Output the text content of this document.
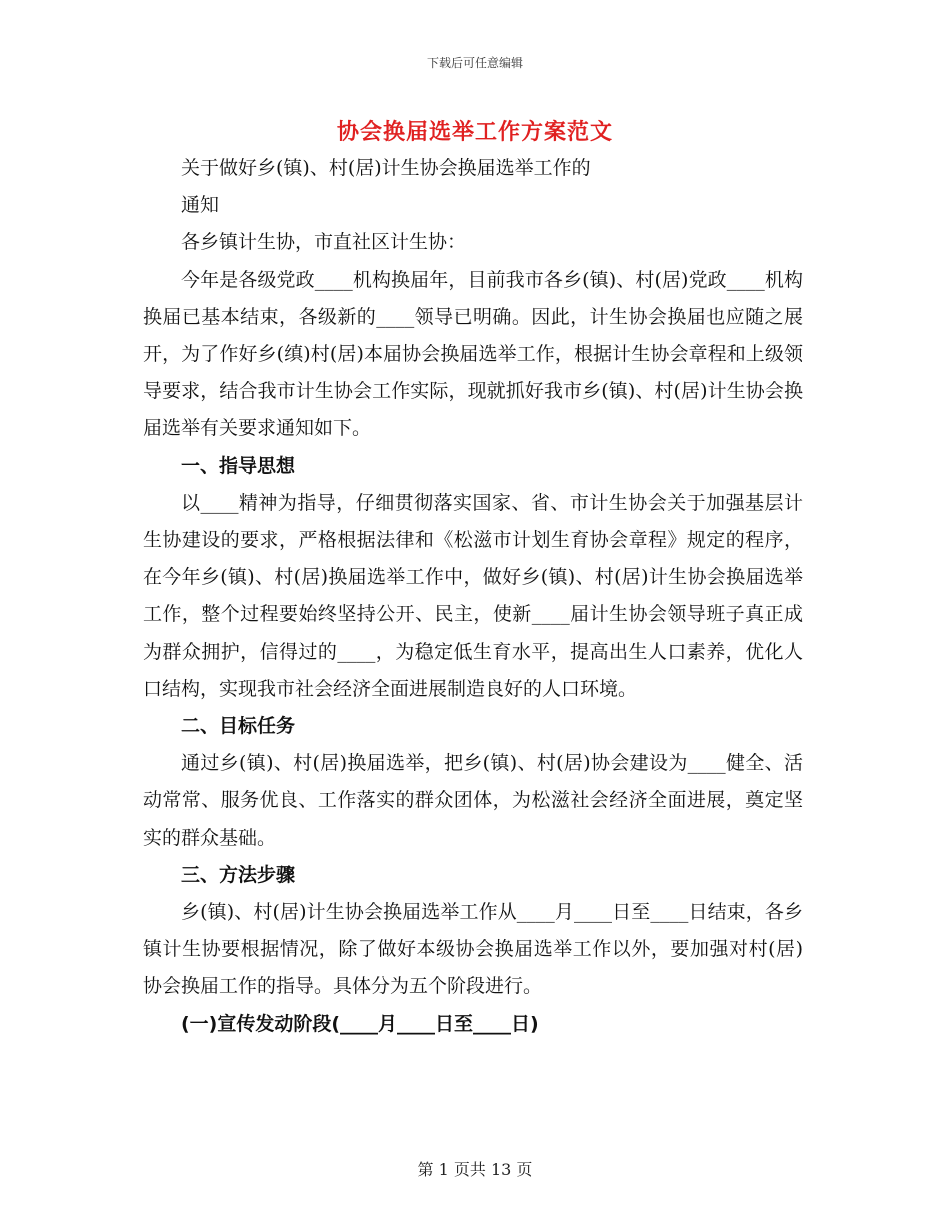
下载后可任意编辑
协会换届选举工作方案范文

关于做好乡(镇)、村(居)计生协会换届选举工作的

通知

各乡镇计生协，市直社区计生协：

今年是各级党政____机构换届年，目前我市各乡(镇)、村(居)党政____机构换届已基本结束，各级新的____领导已明确。因此，计生协会换届也应随之展开，为了作好乡(缜)村(居)本届协会换届选举工作，根据计生协会章程和上级领导要求，结合我市计生协会工作实际，现就抓好我市乡(镇)、村(居)计生协会换届选举有关要求通知如下。

一、指导思想

以____精神为指导，仔细贯彻落实国家、省、市计生协会关于加强基层计生协建设的要求，严格根据法律和《松滋市计划生育协会章程》规定的程序，在今年乡(镇)、村(居)换届选举工作中，做好乡(镇)、村(居)计生协会换届选举工作，整个过程要始终坚持公开、民主，使新____届计生协会领导班子真正成为群众拥护，信得过的____，为稳定低生育水平，提高出生人口素养，优化人口结构，实现我市社会经济全面进展制造良好的人口环境。

二、目标任务

通过乡(镇)、村(居)换届选举，把乡(镇)、村(居)协会建设为____健全、活动常常、服务优良、工作落实的群众团体，为松滋社会经济全面进展，奠定坚实的群众基础。

三、方法步骤

乡(镇)、村(居)计生协会换届选举工作从____月____日至____日结束，各乡镇计生协要根据情况，除了做好本级协会换届选举工作以外，要加强对村(居)协会换届工作的指导。具体分为五个阶段进行。

(一)宣传发动阶段(____月____日至____日)

第 1 页共 13 页
